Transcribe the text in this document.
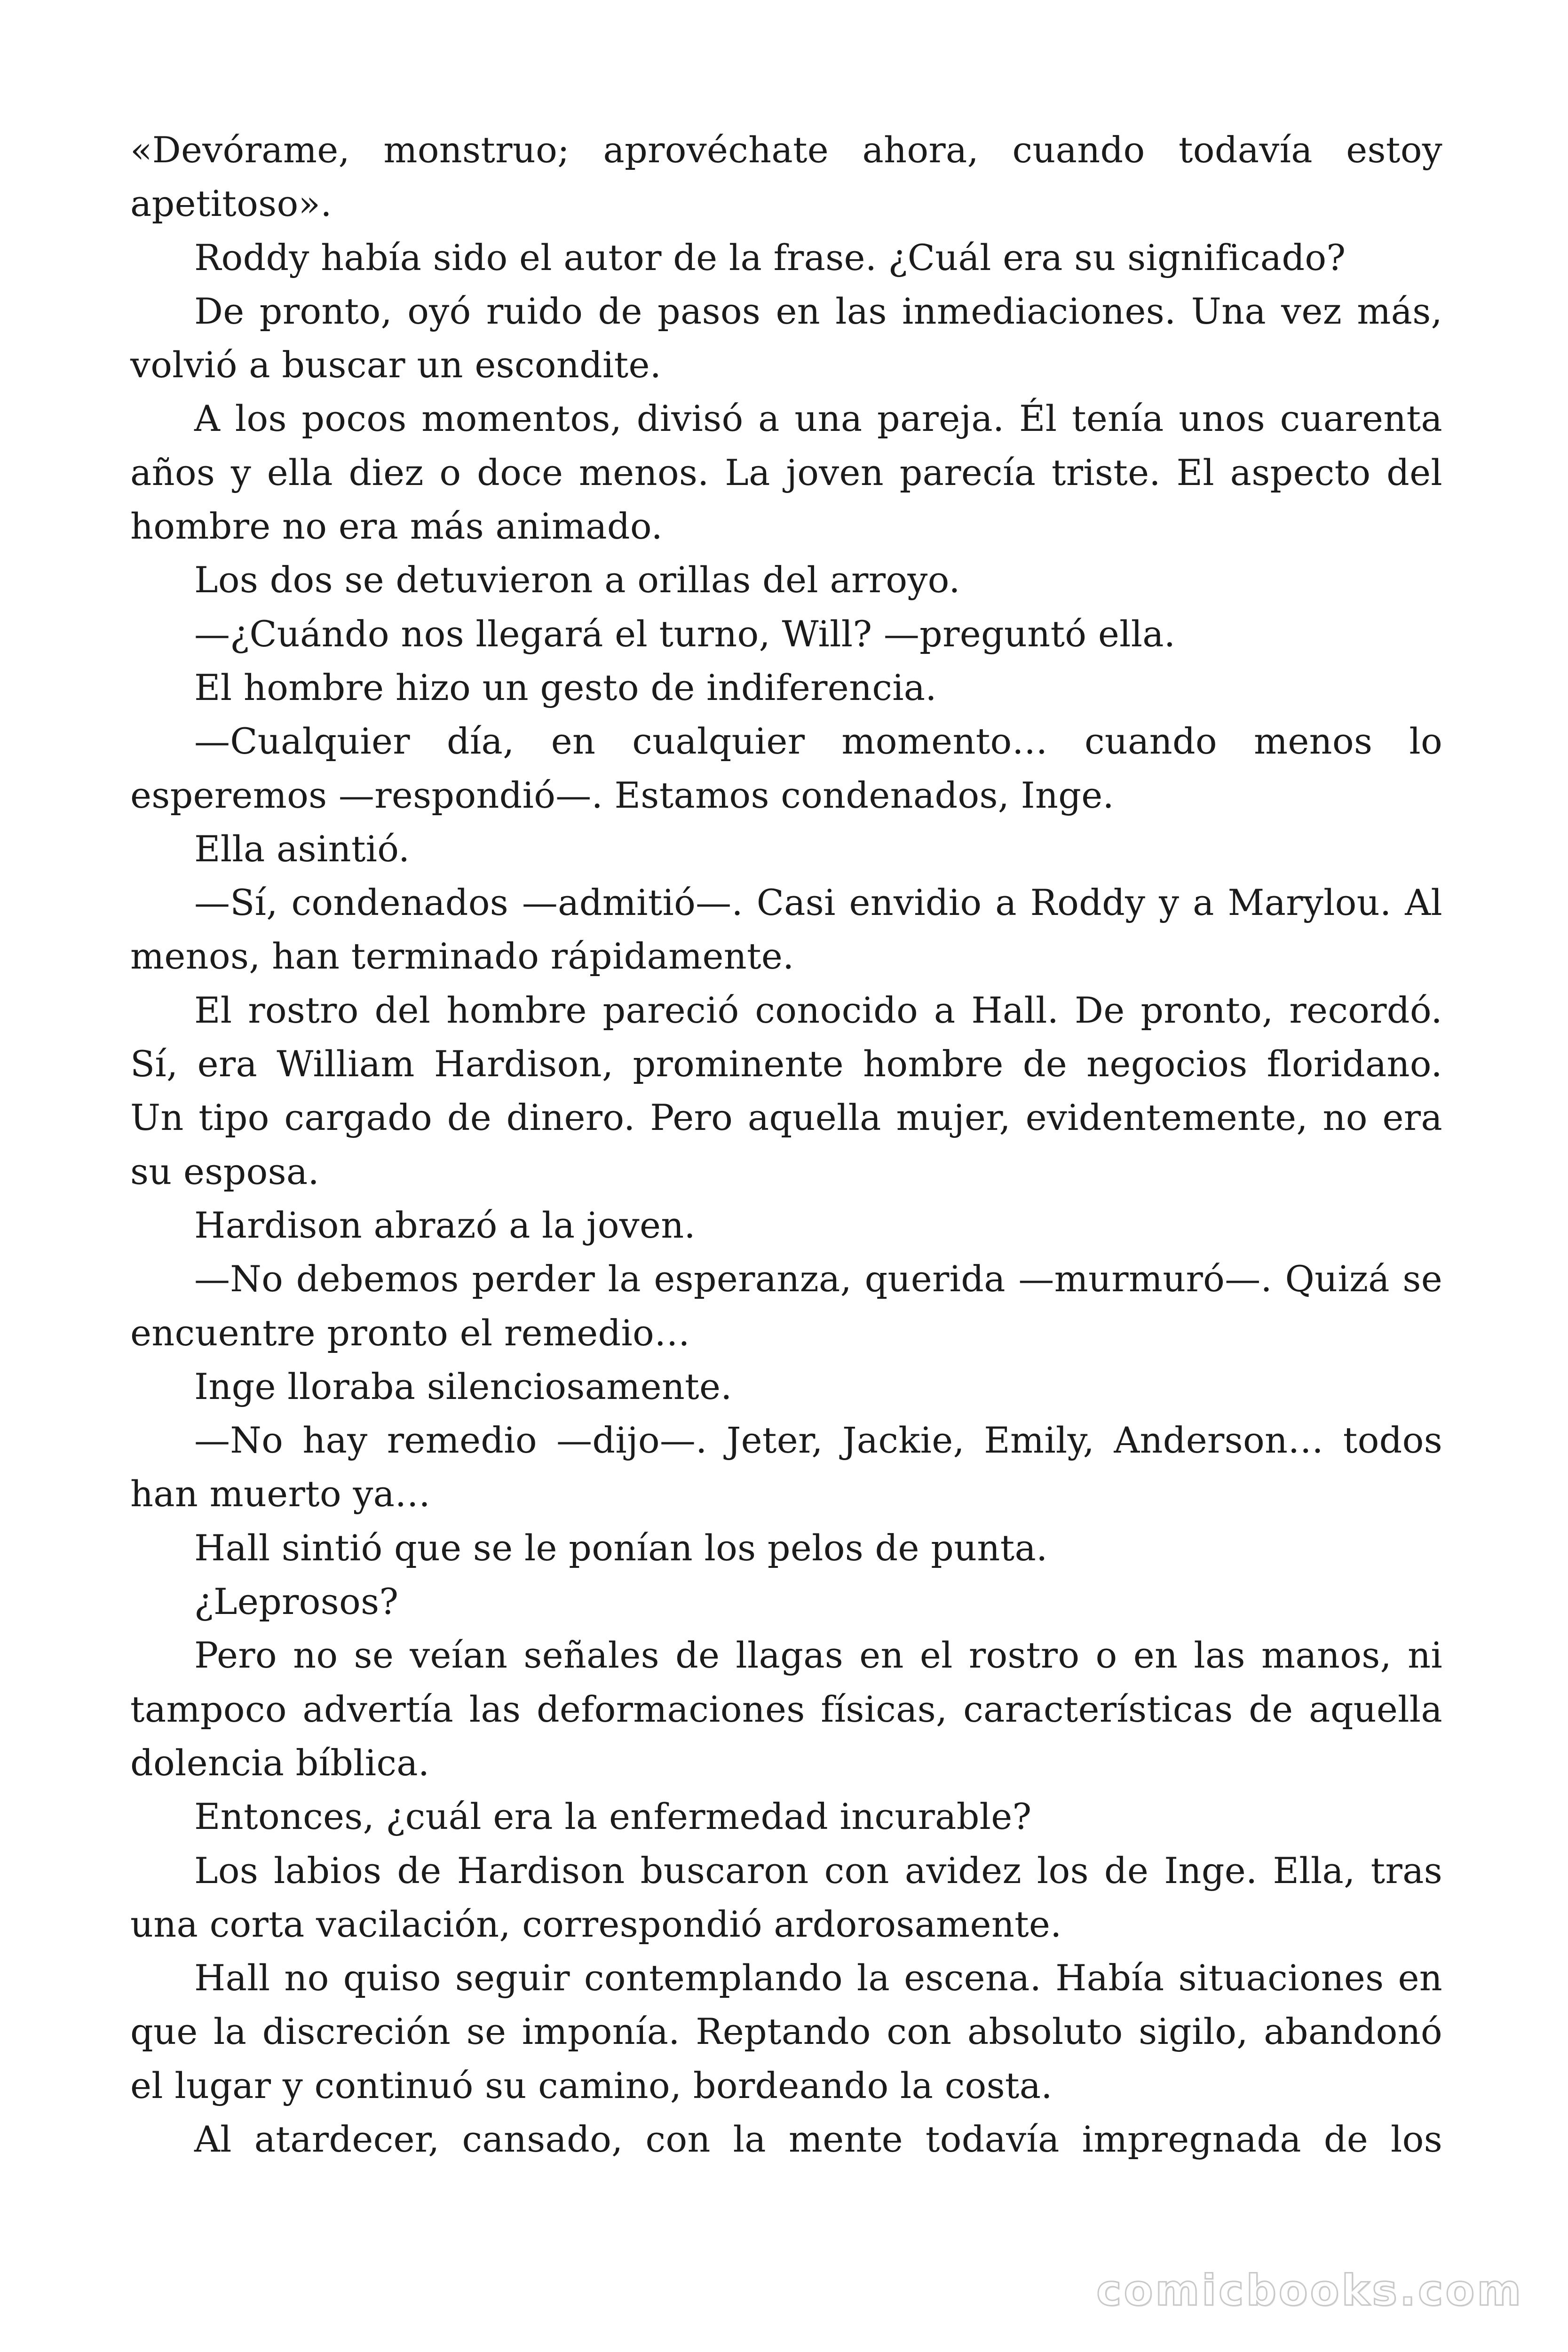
«Devórame, monstruo; aprovéchate ahora, cuando todavía estoy apetitoso».

Roddy había sido el autor de la frase. ¿Cuál era su significado?

De pronto, oyó ruido de pasos en las inmediaciones. Una vez más, volvió a buscar un escondite.

A los pocos momentos, divisó a una pareja. Él tenía unos cuarenta años y ella diez o doce menos. La joven parecía triste. El aspecto del hombre no era más animado.

Los dos se detuvieron a orillas del arroyo.

—¿Cuándo nos llegará el turno, Will? —preguntó ella.

El hombre hizo un gesto de indiferencia.

—Cualquier día, en cualquier momento… cuando menos lo esperemos —respondió—. Estamos condenados, Inge.

Ella asintió.

—Sí, condenados —admitió—. Casi envidio a Roddy y a Marylou. Al menos, han terminado rápidamente.

El rostro del hombre pareció conocido a Hall. De pronto, recordó. Sí, era William Hardison, prominente hombre de negocios floridano. Un tipo cargado de dinero. Pero aquella mujer, evidentemente, no era su esposa.

Hardison abrazó a la joven.

—No debemos perder la esperanza, querida —murmuró—. Quizá se encuentre pronto el remedio…

Inge lloraba silenciosamente.

—No hay remedio —dijo—. Jeter, Jackie, Emily, Anderson… todos han muerto ya…

Hall sintió que se le ponían los pelos de punta.

¿Leprosos?

Pero no se veían señales de llagas en el rostro o en las manos, ni tampoco advertía las deformaciones físicas, características de aquella dolencia bíblica.

Entonces, ¿cuál era la enfermedad incurable?

Los labios de Hardison buscaron con avidez los de Inge. Ella, tras una corta vacilación, correspondió ardorosamente.

Hall no quiso seguir contemplando la escena. Había situaciones en que la discreción se imponía. Reptando con absoluto sigilo, abandonó el lugar y continuó su camino, bordeando la costa.

Al atardecer, cansado, con la mente todavía impregnada de los

comicbooks.com
